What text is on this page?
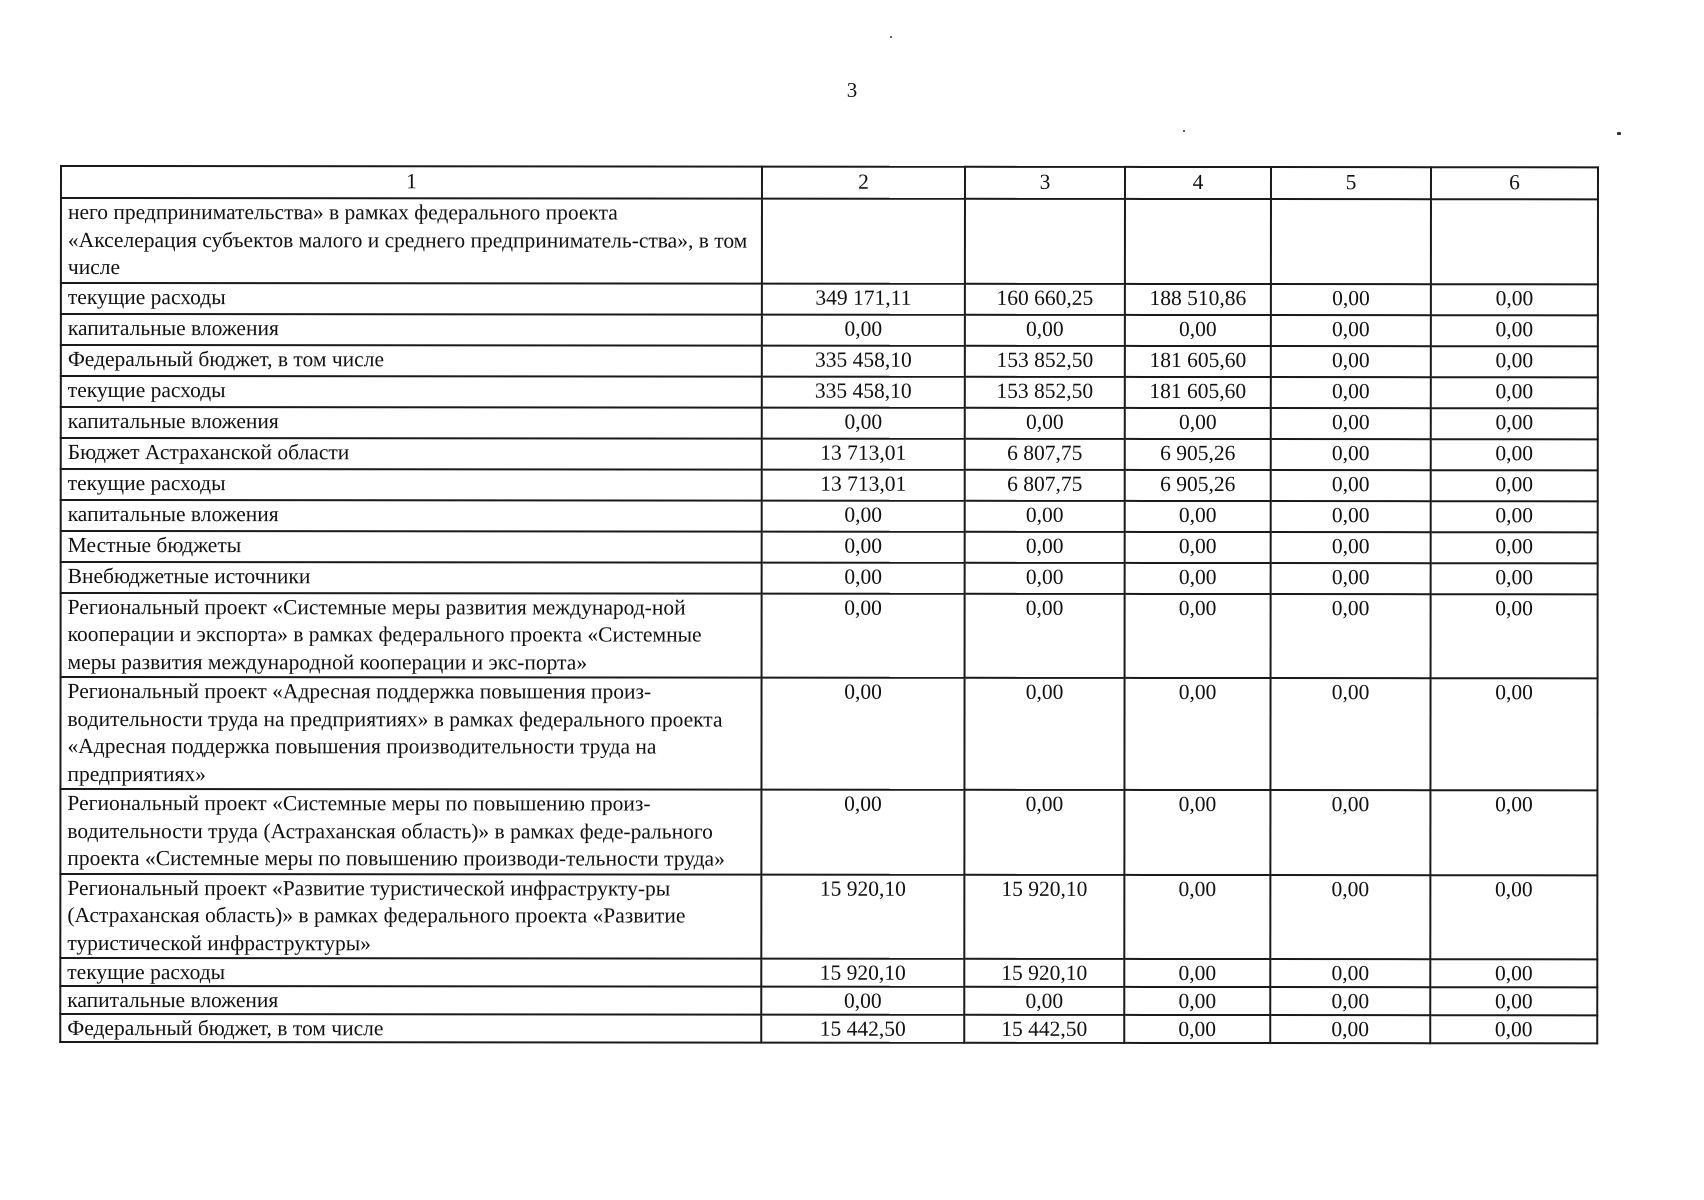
3
1	2	3	4	5	6
него предпринимательства» в рамках федерального проекта «Акселерация субъектов малого и среднего предприниматель-ства», в том числе					
текущие расходы	349 171,11	160 660,25	188 510,86	0,00	0,00
капитальные вложения	0,00	0,00	0,00	0,00	0,00
Федеральный бюджет, в том числе	335 458,10	153 852,50	181 605,60	0,00	0,00
текущие расходы	335 458,10	153 852,50	181 605,60	0,00	0,00
капитальные вложения	0,00	0,00	0,00	0,00	0,00
Бюджет Астраханской области	13 713,01	6 807,75	6 905,26	0,00	0,00
текущие расходы	13 713,01	6 807,75	6 905,26	0,00	0,00
капитальные вложения	0,00	0,00	0,00	0,00	0,00
Местные бюджеты	0,00	0,00	0,00	0,00	0,00
Внебюджетные источники	0,00	0,00	0,00	0,00	0,00
Региональный проект «Системные меры развития международ-ной кооперации и экспорта» в рамках федерального проекта «Системные меры развития международной кооперации и экс-порта»	0,00	0,00	0,00	0,00	0,00
Региональный проект «Адресная поддержка повышения произ-водительности труда на предприятиях» в рамках федерального проекта «Адресная поддержка повышения производительности труда на предприятиях»	0,00	0,00	0,00	0,00	0,00
Региональный проект «Системные меры по повышению произ-водительности труда (Астраханская область)» в рамках феде-рального проекта «Системные меры по повышению производи-тельности труда»	0,00	0,00	0,00	0,00	0,00
Региональный проект «Развитие туристической инфраструкту-ры (Астраханская область)» в рамках федерального проекта «Развитие туристической инфраструктуры»	15 920,10	15 920,10	0,00	0,00	0,00
текущие расходы	15 920,10	15 920,10	0,00	0,00	0,00
капитальные вложения	0,00	0,00	0,00	0,00	0,00
Федеральный бюджет, в том числе	15 442,50	15 442,50	0,00	0,00	0,00
